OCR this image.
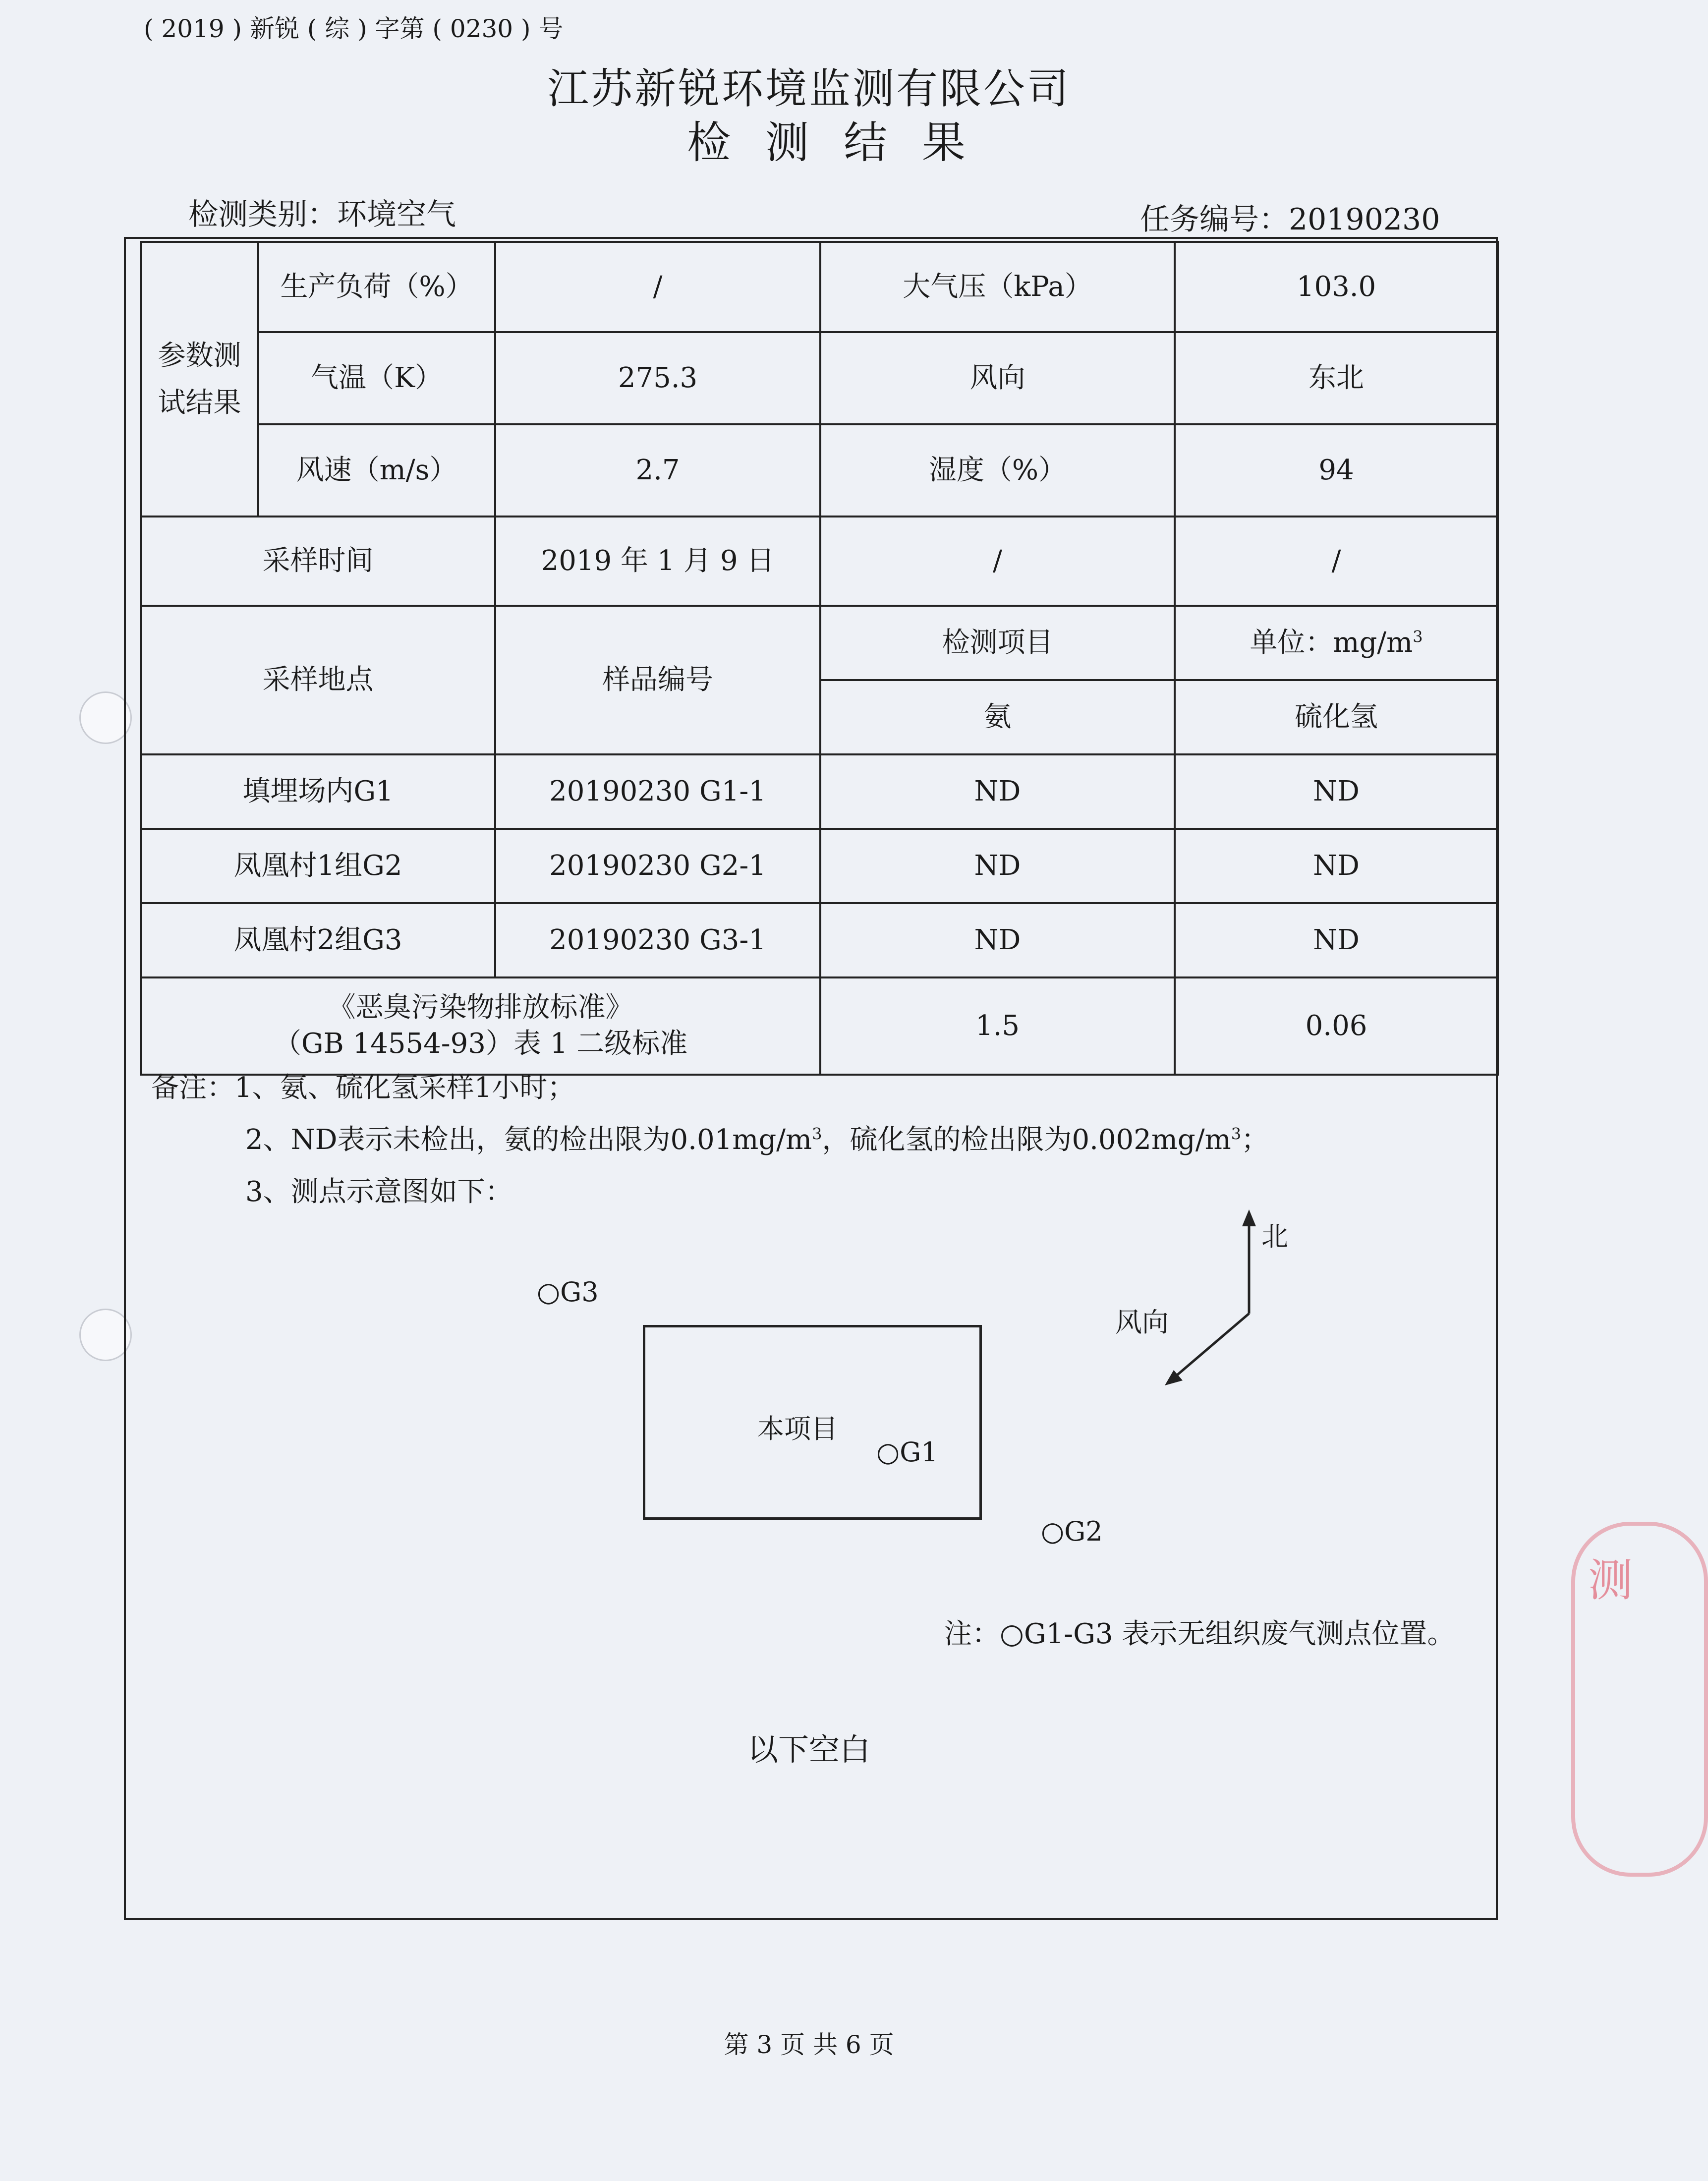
( 2019 ) 新锐 ( 综 ) 字第 ( 0230 ) 号
江苏新锐环境监测有限公司
检测结果
检测类别：环境空气	任务编号：20190230
参数测试结果	生产负荷（%）	/	大气压（kPa）	103.0
	气温（K）	275.3	风向	东北
	风速（m/s）	2.7	湿度（%）	94
采样时间		2019 年 1 月 9 日	/	/
采样地点		样品编号	检测项目	单位：$mg/m^3$
			氨	硫化氢
填埋场内G1		20190230 G1-1	ND	ND
凤凰村1组G2		20190230 G2-1	ND	ND
凤凰村2组G3		20190230 G3-1	ND	ND

《恶臭污染物排放标准》
（GB 14554-93）表 1 二级标准			1.5	0.06
备注：1、氨、硫化氢采样1小时；
2、ND表示未检出，氨的检出限为$0.01mg/m^3$，硫化氢的检出限为$0.002mg/m^3$；
3、测点示意图如下：
○G3
本项目
○G1
○G2
北
风向
注：○G1-G3 表示无组织废气测点位置。
以下空白
第 3 页 共 6 页
测
